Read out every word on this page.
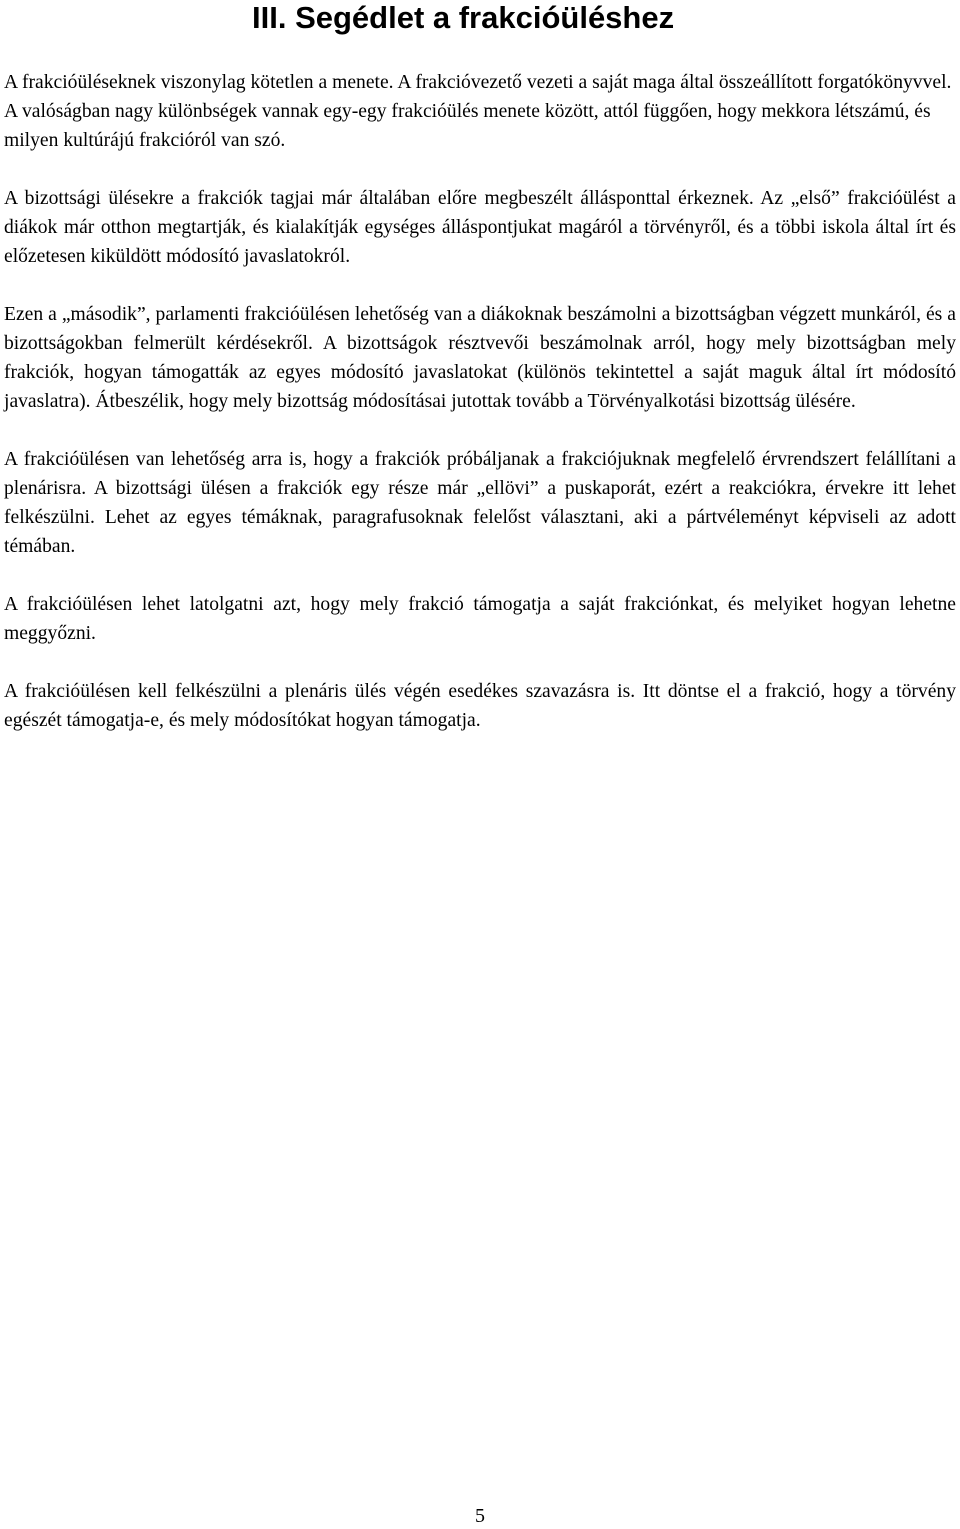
III. Segédlet a frakcióüléshez

A frakcióüléseknek viszonylag kötetlen a menete. A frakcióvezető vezeti a saját maga által összeállított forgatókönyvvel. A valóságban nagy különbségek vannak egy-egy frakcióülés menete között, attól függően, hogy mekkora létszámú, és milyen kultúrájú frakcióról van szó.

A bizottsági ülésekre a frakciók tagjai már általában előre megbeszélt állásponttal érkeznek. Az „első” frakcióülést a diákok már otthon megtartják, és kialakítják egységes álláspontjukat magáról a törvényről, és a többi iskola által írt és előzetesen kiküldött módosító javaslatokról.

Ezen a „második”, parlamenti frakcióülésen lehetőség van a diákoknak beszámolni a bizottságban végzett munkáról, és a bizottságokban felmerült kérdésekről. A bizottságok résztvevői beszámolnak arról, hogy mely bizottságban mely frakciók, hogyan támogatták az egyes módosító javaslatokat (különös tekintettel a saját maguk által írt módosító javaslatra). Átbeszélik, hogy mely bizottság módosításai jutottak tovább a Törvényalkotási bizottság ülésére.

A frakcióülésen van lehetőség arra is, hogy a frakciók próbáljanak a frakciójuknak megfelelő érvrendszert felállítani a plenárisra. A bizottsági ülésen a frakciók egy része már „ellövi” a puskaporát, ezért a reakciókra, érvekre itt lehet felkészülni. Lehet az egyes témáknak, paragrafusoknak felelőst választani, aki a pártvéleményt képviseli az adott témában.

A frakcióülésen lehet latolgatni azt, hogy mely frakció támogatja a saját frakciónkat, és melyiket hogyan lehetne meggyőzni.

A frakcióülésen kell felkészülni a plenáris ülés végén esedékes szavazásra is. Itt döntse el a frakció, hogy a törvény egészét támogatja-e, és mely módosítókat hogyan támogatja.

5
